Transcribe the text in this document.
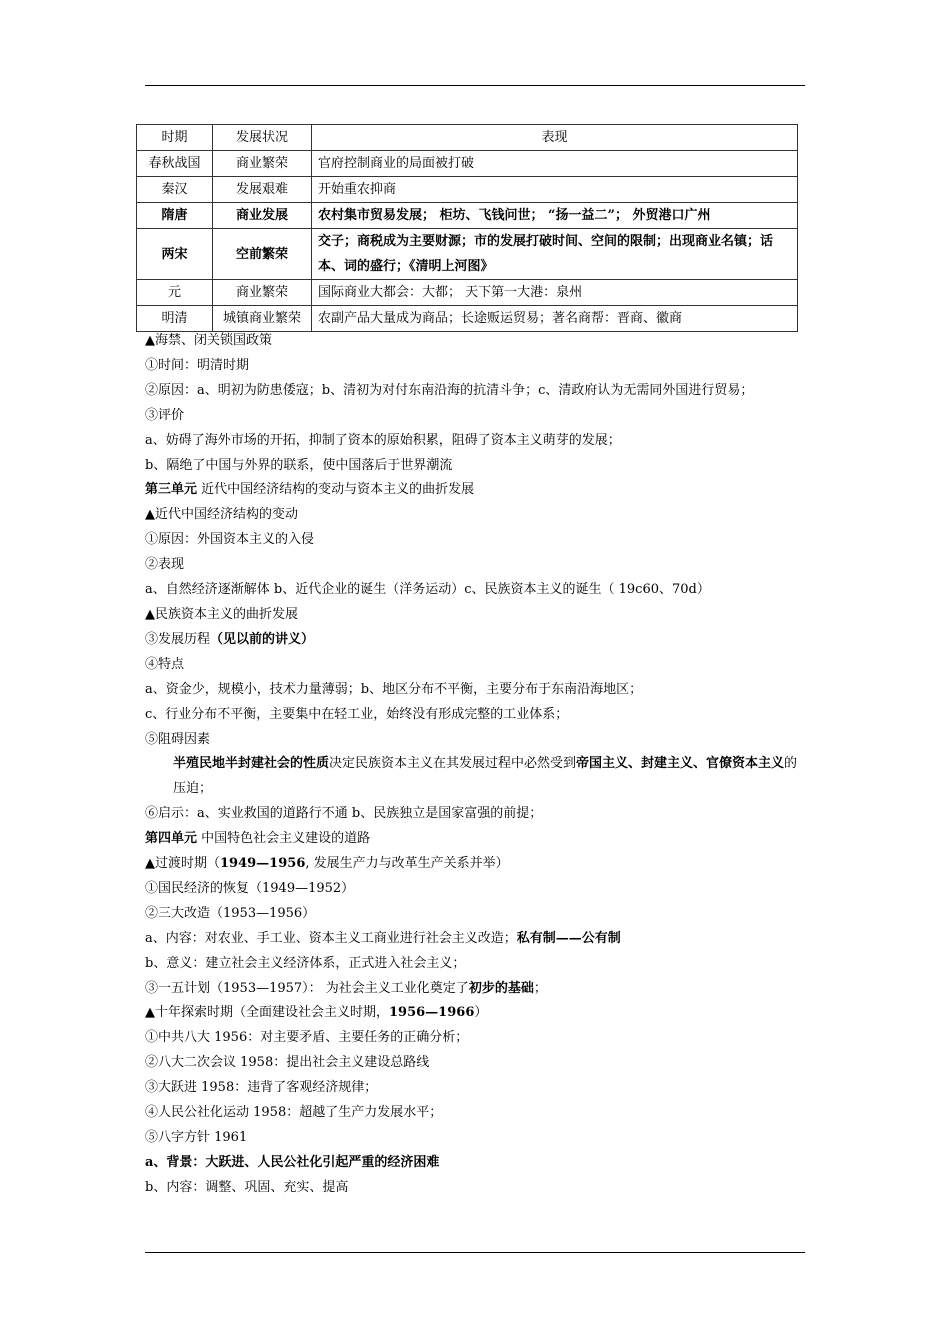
时期	发展状况	表现
春秋战国	商业繁荣	官府控制商业的局面被打破
秦汉	发展艰难	开始重农抑商
隋唐	商业发展	农村集市贸易发展； 柜坊、飞钱问世； “扬一益二”； 外贸港口广州
两宋	空前繁荣	交子；商税成为主要财源；市的发展打破时间、空间的限制；出现商业名镇；话本、词的盛行；《清明上河图》
元	商业繁荣	国际商业大都会：大都； 天下第一大港：泉州
明清	城镇商业繁荣	农副产品大量成为商品；长途贩运贸易；著名商帮：晋商、徽商
▲海禁、闭关锁国政策
①时间：明清时期
②原因：a、明初为防患倭寇；b、清初为对付东南沿海的抗清斗争；c、清政府认为无需同外国进行贸易；
③评价
a、妨碍了海外市场的开拓，抑制了资本的原始积累，阻碍了资本主义萌芽的发展；
b、隔绝了中国与外界的联系，使中国落后于世界潮流
第三单元 近代中国经济结构的变动与资本主义的曲折发展
▲近代中国经济结构的变动
①原因：外国资本主义的入侵
②表现
a、自然经济逐渐解体 b、近代企业的诞生（洋务运动）c、民族资本主义的诞生（ 19c60、70d）
▲民族资本主义的曲折发展
③发展历程（见以前的讲义）
④特点
a、资金少，规模小，技术力量薄弱；b、地区分布不平衡，主要分布于东南沿海地区；
c、行业分布不平衡，主要集中在轻工业，始终没有形成完整的工业体系；
⑤阻碍因素
半殖民地半封建社会的性质决定民族资本主义在其发展过程中必然受到帝国主义、封建主义、官僚资本主义的压迫；
⑥启示：a、实业救国的道路行不通 b、民族独立是国家富强的前提；
第四单元 中国特色社会主义建设的道路
▲过渡时期（1949—1956, 发展生产力与改革生产关系并举）
①国民经济的恢复（1949—1952）
②三大改造（1953—1956）
a、内容：对农业、手工业、资本主义工商业进行社会主义改造；私有制——公有制
b、意义：建立社会主义经济体系，正式进入社会主义；
③一五计划（1953—1957）： 为社会主义工业化奠定了初步的基础；
▲十年探索时期（全面建设社会主义时期，1956—1966）
①中共八大 1956：对主要矛盾、主要任务的正确分析；
②八大二次会议 1958：提出社会主义建设总路线
③大跃进 1958：违背了客观经济规律；
④人民公社化运动 1958：超越了生产力发展水平；
⑤八字方针 1961
a、背景：大跃进、人民公社化引起严重的经济困难
b、内容：调整、巩固、充实、提高
